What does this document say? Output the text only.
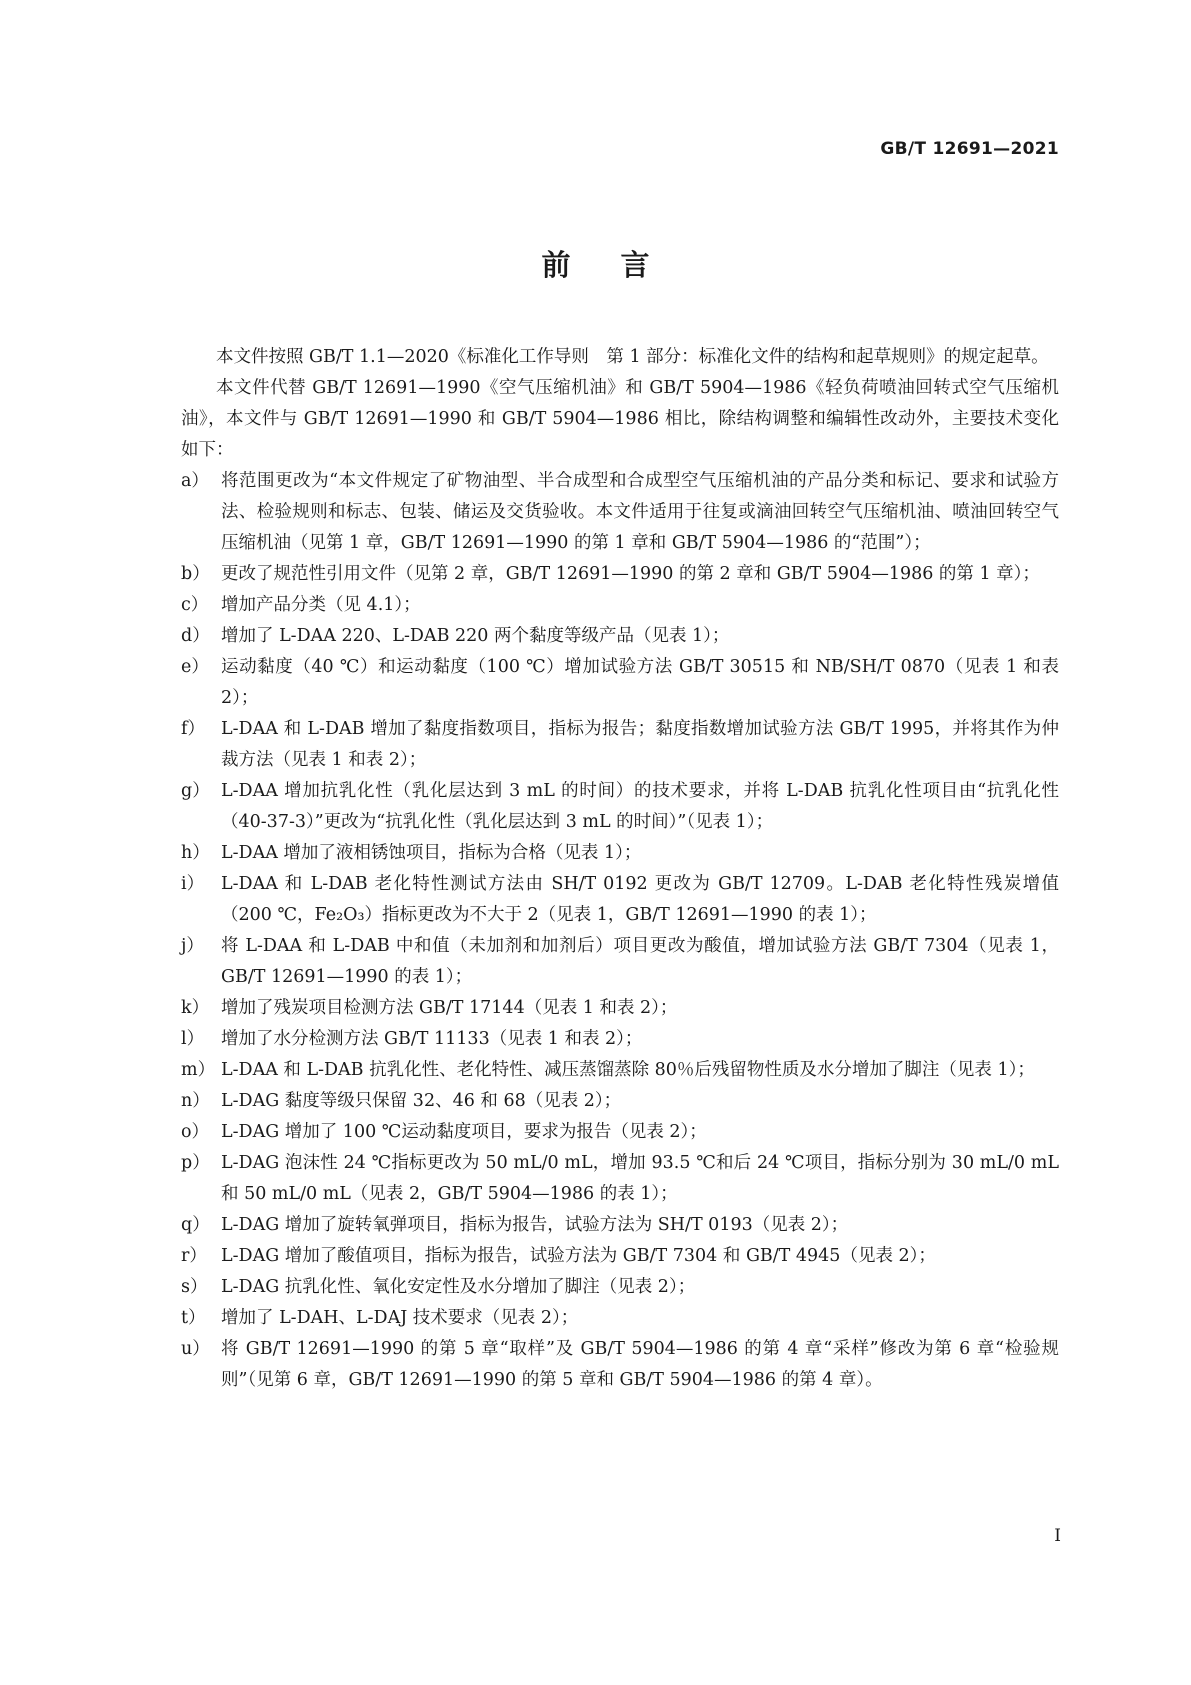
GB/T 12691—2021
前言

本文件按照 GB/T 1.1—2020《标准化工作导则　第 1 部分：标准化文件的结构和起草规则》的规定起草。

本文件代替 GB/T 12691—1990《空气压缩机油》和 GB/T 5904—1986《轻负荷喷油回转式空气压缩机油》，本文件与 GB/T 12691—1990 和 GB/T 5904—1986 相比，除结构调整和编辑性改动外，主要技术变化如下：

a） 将范围更改为“本文件规定了矿物油型、半合成型和合成型空气压缩机油的产品分类和标记、要求和试验方法、检验规则和标志、包装、储运及交货验收。本文件适用于往复或滴油回转空气压缩机油、喷油回转空气压缩机油（见第 1 章，GB/T 12691—1990 的第 1 章和 GB/T 5904—1986 的“范围”）；
b） 更改了规范性引用文件（见第 2 章，GB/T 12691—1990 的第 2 章和 GB/T 5904—1986 的第 1 章）；
c） 增加产品分类（见 4.1）；
d） 增加了 L-DAA 220、L-DAB 220 两个黏度等级产品（见表 1）；
e） 运动黏度（40 ℃）和运动黏度（100 ℃）增加试验方法 GB/T 30515 和 NB/SH/T 0870（见表 1 和表 2）；
f） L-DAA 和 L-DAB 增加了黏度指数项目，指标为报告；黏度指数增加试验方法 GB/T 1995，并将其作为仲裁方法（见表 1 和表 2）；
g） L-DAA 增加抗乳化性（乳化层达到 3 mL 的时间）的技术要求，并将 L-DAB 抗乳化性项目由“抗乳化性（40-37-3）”更改为“抗乳化性（乳化层达到 3 mL 的时间）”（见表 1）；
h） L-DAA 增加了液相锈蚀项目，指标为合格（见表 1）；
i） L-DAA 和 L-DAB 老化特性测试方法由 SH/T 0192 更改为 GB/T 12709。L-DAB 老化特性残炭增值（200 ℃，Fe₂O₃）指标更改为不大于 2（见表 1，GB/T 12691—1990 的表 1）；
j） 将 L-DAA 和 L-DAB 中和值（未加剂和加剂后）项目更改为酸值，增加试验方法 GB/T 7304（见表 1，GB/T 12691—1990 的表 1）；
k） 增加了残炭项目检测方法 GB/T 17144（见表 1 和表 2）；
l） 增加了水分检测方法 GB/T 11133（见表 1 和表 2）；
m） L-DAA 和 L-DAB 抗乳化性、老化特性、减压蒸馏蒸除 80％后残留物性质及水分增加了脚注（见表 1）；
n） L-DAG 黏度等级只保留 32、46 和 68（见表 2）；
o） L-DAG 增加了 100 ℃运动黏度项目，要求为报告（见表 2）；
p） L-DAG 泡沫性 24 ℃指标更改为 50 mL/0 mL，增加 93.5 ℃和后 24 ℃项目，指标分别为 30 mL/0 mL 和 50 mL/0 mL（见表 2，GB/T 5904—1986 的表 1）；
q） L-DAG 增加了旋转氧弹项目，指标为报告，试验方法为 SH/T 0193（见表 2）；
r） L-DAG 增加了酸值项目，指标为报告，试验方法为 GB/T 7304 和 GB/T 4945（见表 2）；
s） L-DAG 抗乳化性、氧化安定性及水分增加了脚注（见表 2）；
t） 增加了 L-DAH、L-DAJ 技术要求（见表 2）；
u） 将 GB/T 12691—1990 的第 5 章“取样”及 GB/T 5904—1986 的第 4 章“采样”修改为第 6 章“检验规则”（见第 6 章，GB/T 12691—1990 的第 5 章和 GB/T 5904—1986 的第 4 章）。
I
